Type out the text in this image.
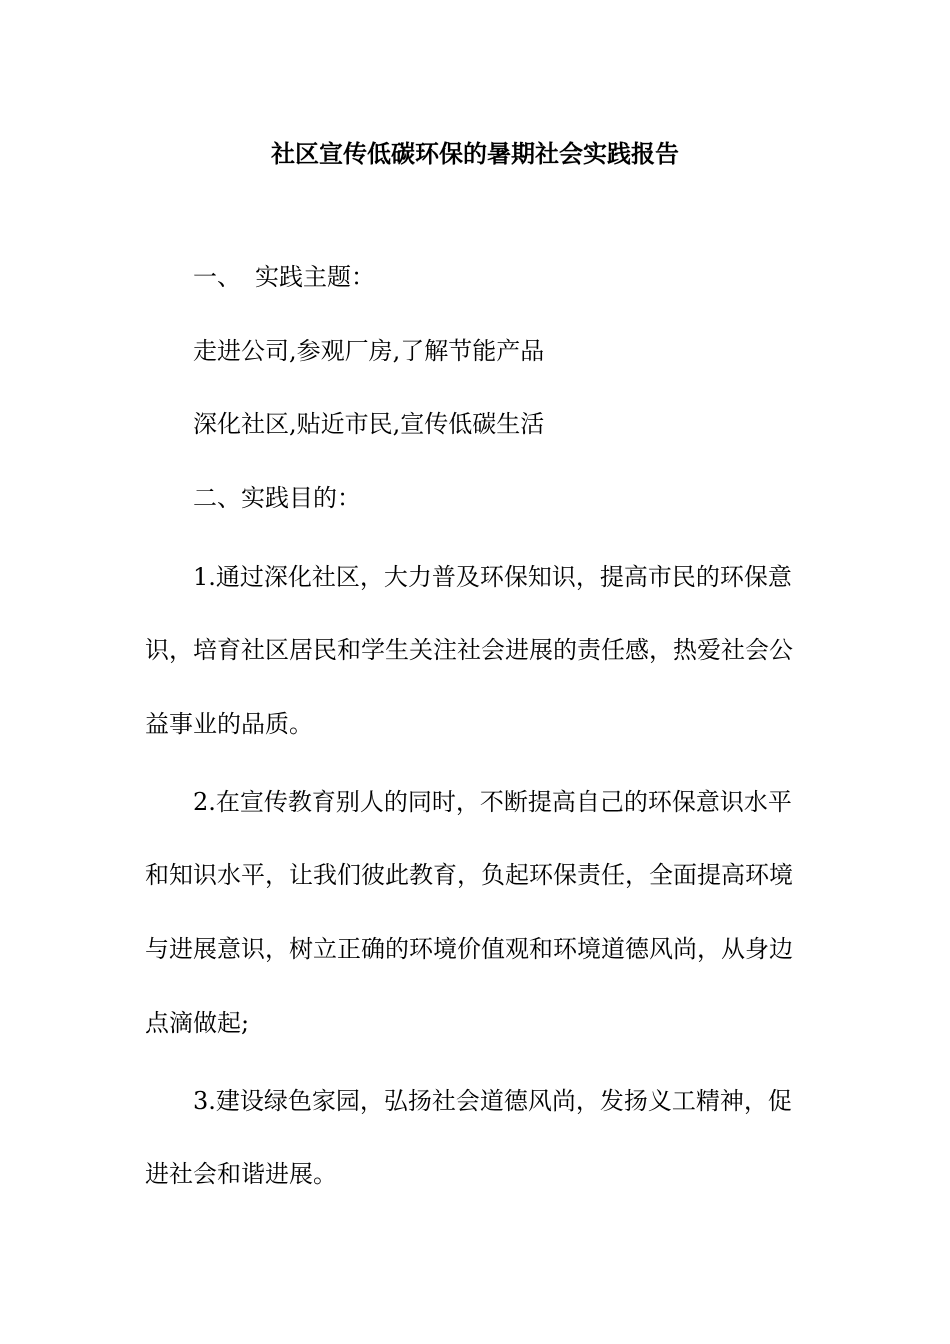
社区宣传低碳环保的暑期社会实践报告
一、 实践主题：
走进公司,参观厂房,了解节能产品
深化社区,贴近市民,宣传低碳生活
二、实践目的：
1.通过深化社区，大力普及环保知识，提高市民的环保意
识，培育社区居民和学生关注社会进展的责任感，热爱社会公
益事业的品质。
2.在宣传教育别人的同时，不断提高自己的环保意识水平
和知识水平，让我们彼此教育，负起环保责任，全面提高环境
与进展意识，树立正确的环境价值观和环境道德风尚，从身边
点滴做起;
3.建设绿色家园，弘扬社会道德风尚，发扬义工精神，促
进社会和谐进展。
